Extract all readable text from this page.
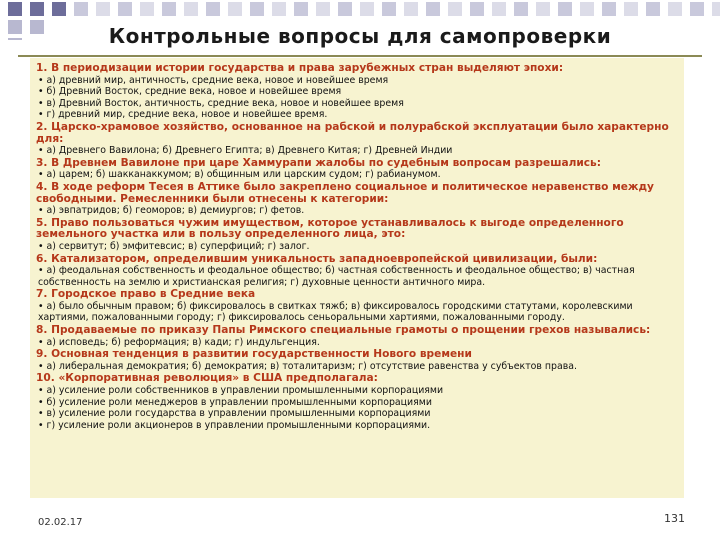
Контрольные вопросы для самопроверки
1. В периодизации истории государства и права зарубежных стран выделяют эпохи:
• а) древний мир, античность, средние века, новое и новейшее время
• б) Древний Восток, средние века, новое и новейшее время
• в) Древний Восток, античность, средние века, новое и новейшее время
• г) древний мир, средние века, новое и новейшее время.
2. Царско-храмовое хозяйство, основанное на рабской и полурабской эксплуатации было характерно для:
• а) Древнего Вавилона; б) Древнего Египта; в) Древнего Китая; г) Древней Индии
3. В Древнем Вавилоне при царе Хаммурапи жалобы по судебным вопросам разрешались:
• а) царем; б) шакканаккумом; в) общинным или царским судом; г) рабианумом.
4. В ходе реформ Тесея в Аттике было закреплено социальное и политическое неравенство между свободными. Ремесленники были отнесены к категории:
• а) эвпатридов; б) геоморов; в) демиургов; г) фетов.
5. Право пользоваться чужим имуществом, которое устанавливалось к выгоде определенного земельного участка или в пользу определенного лица, это:
• а) сервитут; б) эмфитевсис; в) суперфиций; г) залог.
6. Катализатором, определившим уникальность западноевропейской цивилизации, были:
• а) феодальная собственность и феодальное общество; б) частная собственность и феодальное общество; в) частная собственность на землю и христианская религия; г) духовные ценности античного мира.
7. Городское право в Средние века
• а) было обычным правом; б) фиксировалось в свитках тяжб; в) фиксировалось городскими статутами, королевскими хартиями, пожалованными городу; г) фиксировалось сеньоральными хартиями, пожалованными городу.
8. Продаваемые по приказу Папы Римского специальные грамоты о прощении грехов назывались:
• а) исповедь; б) реформация; в) кади; г) индульгенция.
9. Основная тенденция в развитии государственности Нового времени
• а) либеральная демократия; б) демократия; в) тоталитаризм; г) отсутствие равенства у субъектов права.
10. «Корпоративная революция» в США предполагала:
• а) усиление роли собственников в управлении промышленными корпорациями
• б) усиление роли менеджеров в управлении промышленными корпорациями
• в) усиление роли государства в управлении промышленными корпорациями
• г) усиление роли акционеров в управлении промышленными корпорациями.
02.02.17	131
